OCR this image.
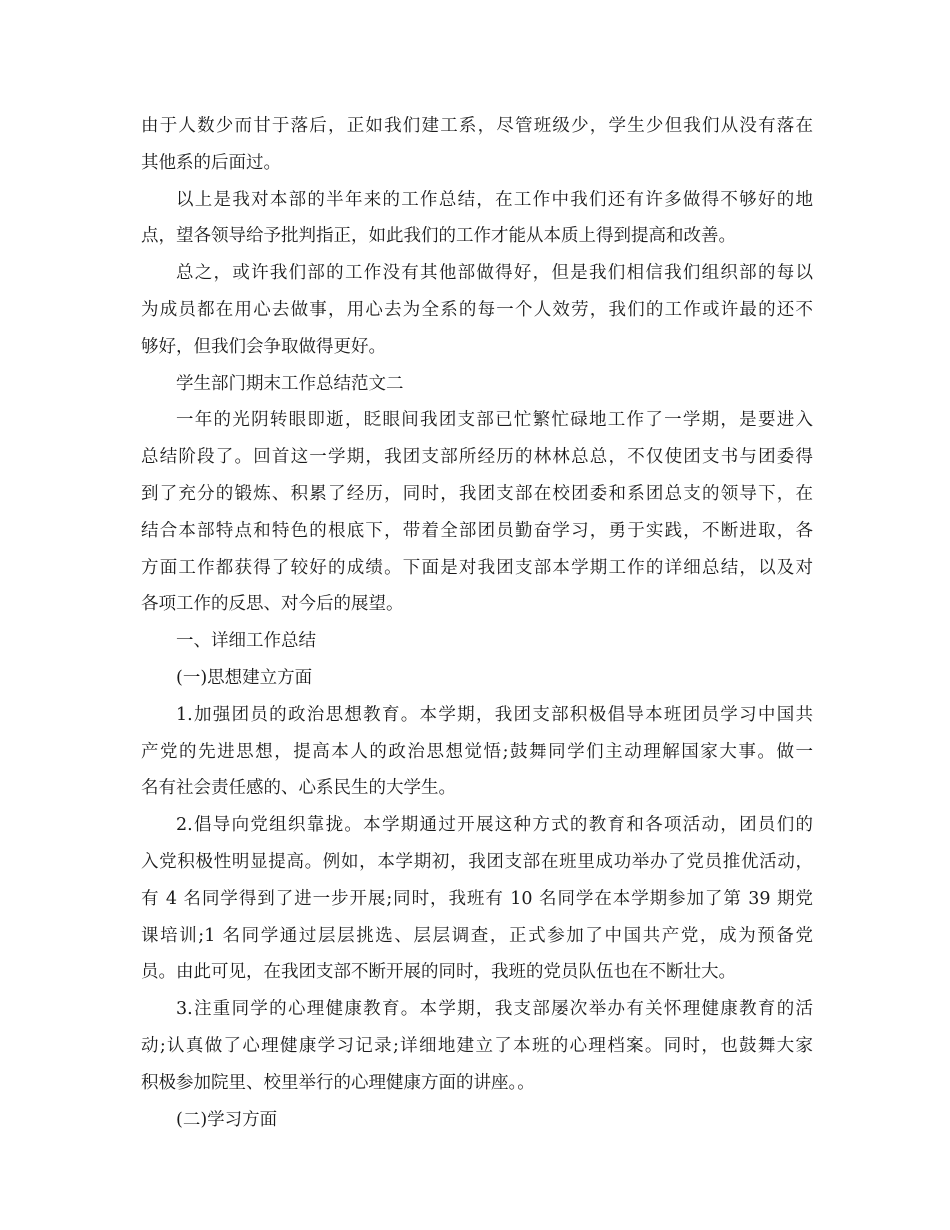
由于人数少而甘于落后，正如我们建工系，尽管班级少，学生少但我们从没有落在
其他系的后面过。
以上是我对本部的半年来的工作总结，在工作中我们还有许多做得不够好的地
点，望各领导给予批判指正，如此我们的工作才能从本质上得到提高和改善。
总之，或许我们部的工作没有其他部做得好，但是我们相信我们组织部的每以
为成员都在用心去做事，用心去为全系的每一个人效劳，我们的工作或许最的还不
够好，但我们会争取做得更好。
学生部门期末工作总结范文二
一年的光阴转眼即逝，眨眼间我团支部已忙繁忙碌地工作了一学期，是要进入
总结阶段了。回首这一学期，我团支部所经历的林林总总，不仅使团支书与团委得
到了充分的锻炼、积累了经历，同时，我团支部在校团委和系团总支的领导下，在
结合本部特点和特色的根底下，带着全部团员勤奋学习，勇于实践，不断进取，各
方面工作都获得了较好的成绩。下面是对我团支部本学期工作的详细总结，以及对
各项工作的反思、对今后的展望。
一、详细工作总结
(一)思想建立方面
1.加强团员的政治思想教育。本学期，我团支部积极倡导本班团员学习中国共
产党的先进思想，提高本人的政治思想觉悟;鼓舞同学们主动理解国家大事。做一
名有社会责任感的、心系民生的大学生。
2.倡导向党组织靠拢。本学期通过开展这种方式的教育和各项活动，团员们的
入党积极性明显提高。例如，本学期初，我团支部在班里成功举办了党员推优活动，
有 4 名同学得到了进一步开展;同时，我班有 10 名同学在本学期参加了第 39 期党
课培训;1 名同学通过层层挑选、层层调查，正式参加了中国共产党，成为预备党
员。由此可见，在我团支部不断开展的同时，我班的党员队伍也在不断壮大。
3.注重同学的心理健康教育。本学期，我支部屡次举办有关怀理健康教育的活
动;认真做了心理健康学习记录;详细地建立了本班的心理档案。同时，也鼓舞大家
积极参加院里、校里举行的心理健康方面的讲座。。
(二)学习方面
